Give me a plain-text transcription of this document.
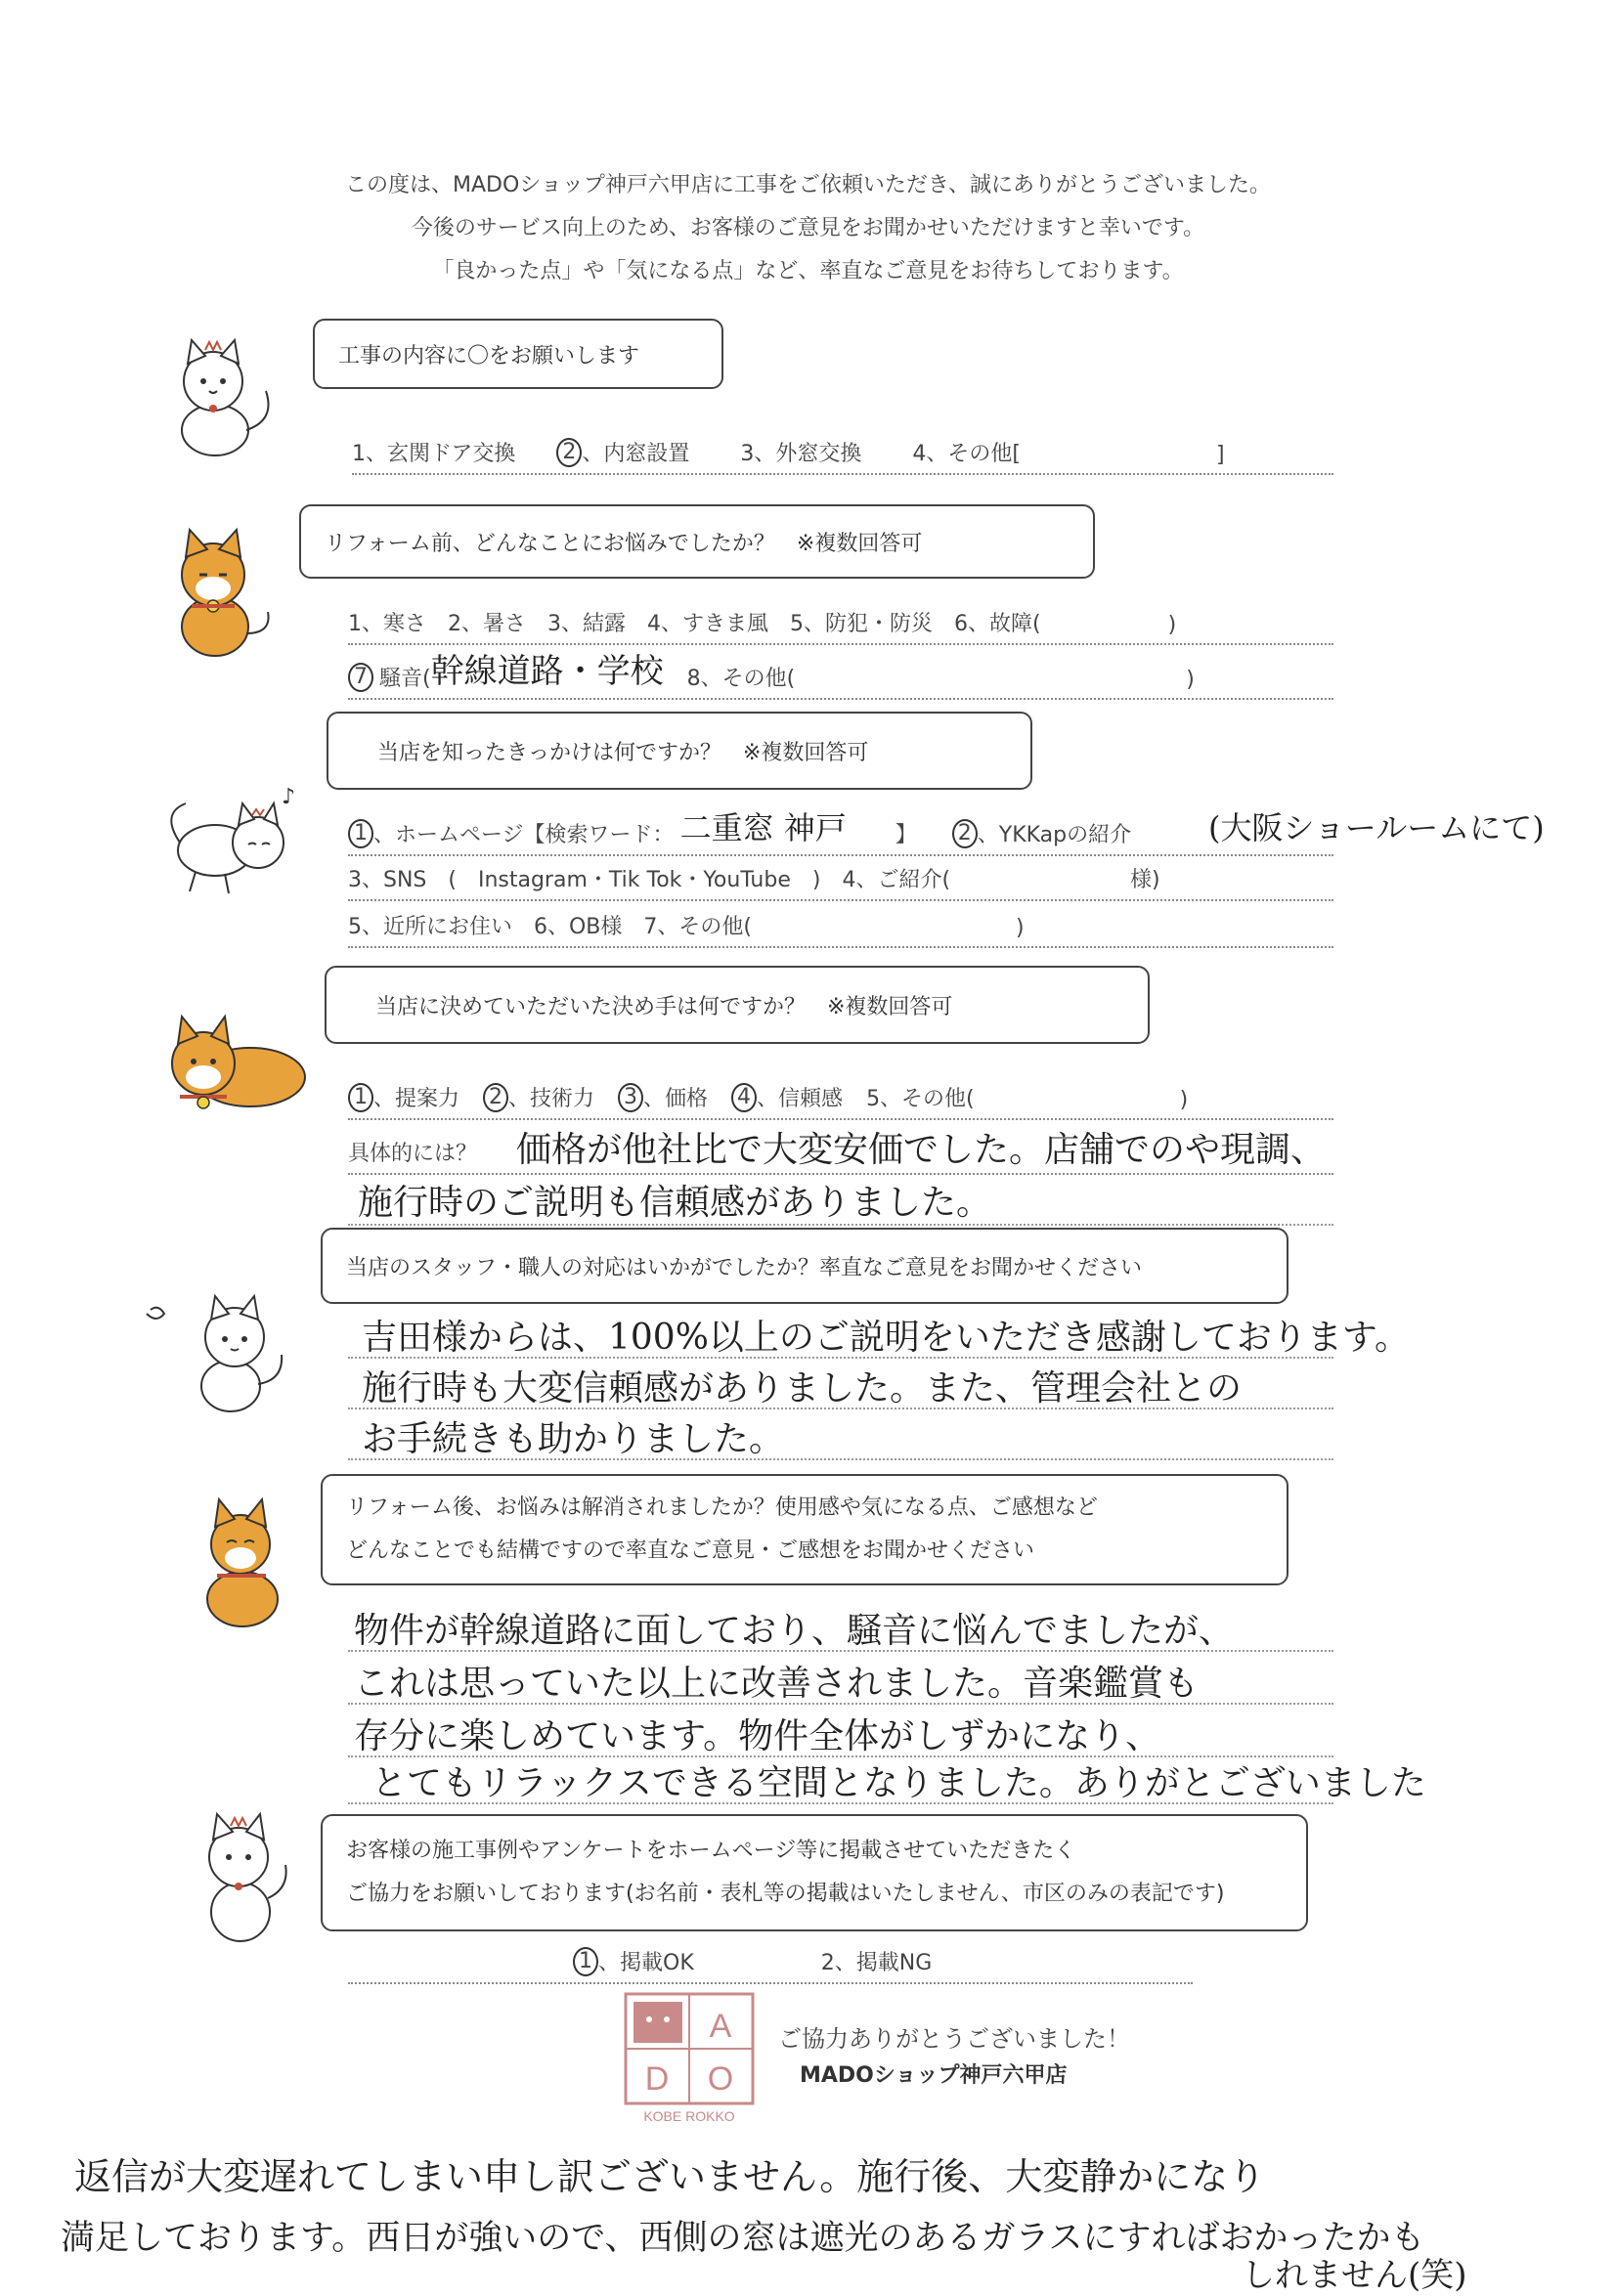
この度は、MADOショップ神戸六甲店に工事をご依頼いただき、誠にありがとうございました。
今後のサービス向上のため、お客様のご意見をお聞かせいただけますと幸いです。
「良かった点」や「気になる点」など、率直なご意見をお待ちしております。
工事の内容に〇をお願いします
1、玄関ドア交換 2 、内窓設置 3、外窓交換 4、その他[	]
リフォーム前、どんなことにお悩みでしたか？　※複数回答可
1、寒さ　2、暑さ　3、結露　4、すきま風　5、防犯・防災　6、故障(	)
7 騒音( 幹線道路・学校 8、その他(	)
♪
当店を知ったきっかけは何ですか？　※複数回答可
1 、ホームページ【検索ワード： 二重窓 神戸 】 2 、YKKapの紹介 (大阪ショールームにて)
3、SNS　(　Instagram・Tik Tok・YouTube　)　4、ご紹介(	様)
5、近所にお住い　6、OB様　7、その他(	)
当店に決めていただいた決め手は何ですか？　※複数回答可
1 、提案力 2 、技術力 3 、価格 4 、信頼感 5、その他(	)
具体的には？ 価格が他社比で大変安価でした。店舗でのや現調、
施行時のご説明も信頼感がありました。
当店のスタッフ・職人の対応はいかがでしたか？率直なご意見をお聞かせください
吉田様からは、100%以上のご説明をいただき感謝しております。
施行時も大変信頼感がありました。また、管理会社との
お手続きも助かりました。
リフォーム後、お悩みは解消されましたか？使用感や気になる点、ご感想など
どんなことでも結構ですので率直なご意見・ご感想をお聞かせください
物件が幹線道路に面しており、騒音に悩んでましたが、
これは思っていた以上に改善されました。音楽鑑賞も
存分に楽しめています。物件全体がしずかになり、
とてもリラックスできる空間となりました。ありがとございました
お客様の施工事例やアンケートをホームページ等に掲載させていただきたく
ご協力をお願いしております(お名前・表札等の掲載はいたしません、市区のみの表記です)
1 、掲載OK	2、掲載NG
A
D O
KOBE ROKKO
ご協力ありがとうございました！
MADOショップ神戸六甲店
返信が大変遅れてしまい申し訳ございません。施行後、大変静かになり
満足しております。西日が強いので、西側の窓は遮光のあるガラスにすればおかったかも
しれません(笑)
